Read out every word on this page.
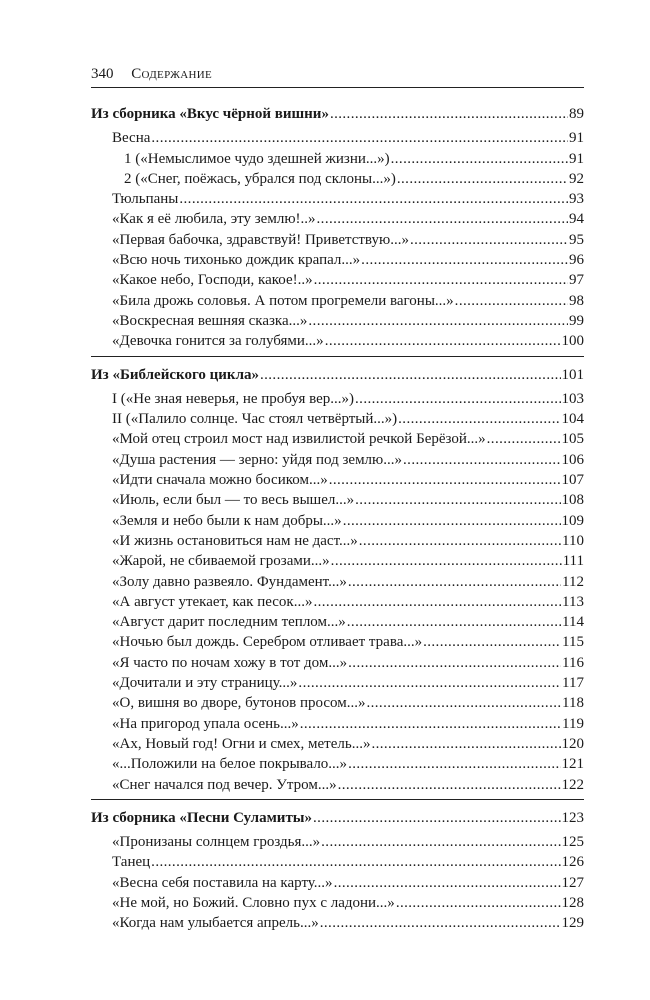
340 Содержание
Из сборника «Вкус чёрной вишни» .....	89
Весна .....	91
1 («Немыслимое чудо здешней жизни...») .....	91
2 («Снег, поёжась, убрался под склоны...») .....	92
Тюльпаны .....	93
«Как я её любила, эту землю!..» .....	94
«Первая бабочка, здравствуй! Приветствую...» .....	95
«Всю ночь тихонько дождик крапал...» .....	96
«Какое небо, Господи, какое!..» .....	97
«Била дрожь соловья. А потом прогремели вагоны...» .....	98
«Воскресная вешняя сказка...» .....	99
«Девочка гонится за голубями...» .....	100
Из «Библейского цикла» .....	101
I («Не зная неверья, не пробуя вер...») .....	103
II («Палило солнце. Час стоял четвёртый...») .....	104
«Мой отец строил мост над извилистой речкой Берёзой...» .....	105
«Душа растения — зерно: уйдя под землю...» .....	106
«Идти сначала можно босиком...» .....	107
«Июль, если был — то весь вышел...» .....	108
«Земля и небо были к нам добры...» .....	109
«И жизнь остановиться нам не даст...» .....	110
«Жарой, не сбиваемой грозами...» .....	111
«Золу давно развеяло. Фундамент...» .....	112
«А август утекает, как песок...» .....	113
«Август дарит последним теплом...» .....	114
«Ночью был дождь. Серебром отливает трава...» .....	115
«Я часто по ночам хожу в тот дом...» .....	116
«Дочитали и эту страницу...» .....	117
«О, вишня во дворе, бутонов просом...» .....	118
«На пригород упала осень...» .....	119
«Ах, Новый год! Огни и смех, метель...» .....	120
«...Положили на белое покрывало...» .....	121
«Снег начался под вечер. Утром...» .....	122
Из сборника «Песни Суламиты» .....	123
«Пронизаны солнцем гроздья...» .....	125
Танец .....	126
«Весна себя поставила на карту...» .....	127
«Не мой, но Божий. Словно пух с ладони...» .....	128
«Когда нам улыбается апрель...» .....	129
